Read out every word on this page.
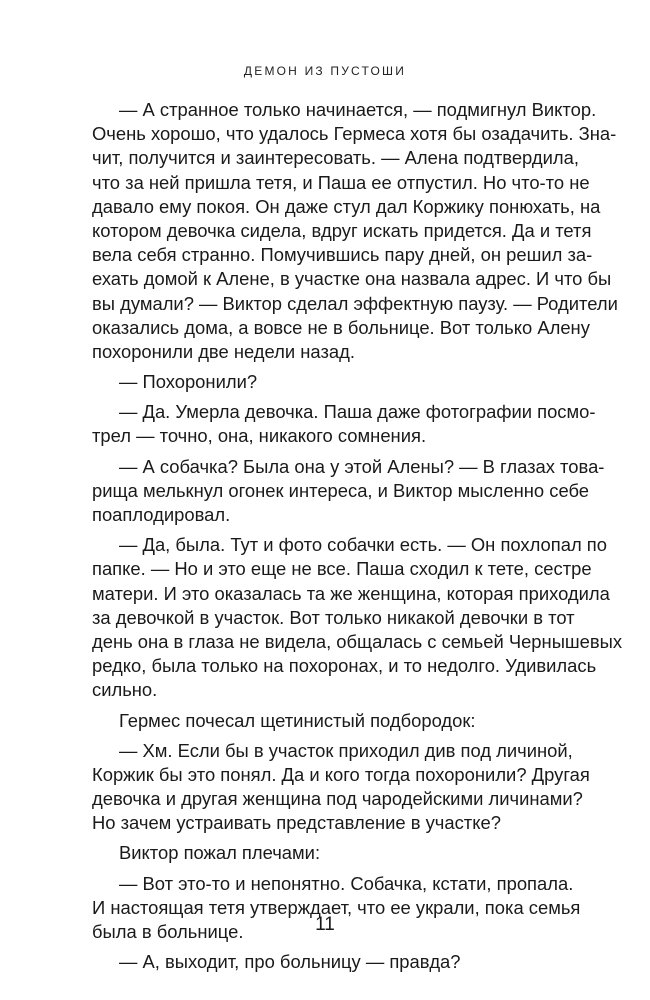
ДЕМОН ИЗ ПУСТОШИ
— А странное только начинается, — подмигнул Виктор.
Очень хорошо, что удалось Гермеса хотя бы озадачить. Зна-
чит, получится и заинтересовать. — Алена подтвердила,
что за ней пришла тетя, и Паша ее отпустил. Но что-то не
давало ему покоя. Он даже стул дал Коржику понюхать, на
котором девочка сидела, вдруг искать придется. Да и тетя
вела себя странно. Помучившись пару дней, он решил за-
ехать домой к Алене, в участке она назвала адрес. И что бы
вы думали? — Виктор сделал эффектную паузу. — Родители
оказались дома, а вовсе не в больнице. Вот только Алену
похоронили две недели назад.
— Похоронили?
— Да. Умерла девочка. Паша даже фотографии посмо-
трел — точно, она, никакого сомнения.
— А собачка? Была она у этой Алены? — В глазах това-
рища мелькнул огонек интереса, и Виктор мысленно себе
поаплодировал.
— Да, была. Тут и фото собачки есть. — Он похлопал по
папке. — Но и это еще не все. Паша сходил к тете, сестре
матери. И это оказалась та же женщина, которая приходила
за девочкой в участок. Вот только никакой девочки в тот
день она в глаза не видела, общалась с семьей Чернышевых
редко, была только на похоронах, и то недолго. Удивилась
сильно.
Гермес почесал щетинистый подбородок:
— Хм. Если бы в участок приходил див под личиной,
Коржик бы это понял. Да и кого тогда похоронили? Другая
девочка и другая женщина под чародейскими личинами?
Но зачем устраивать представление в участке?
Виктор пожал плечами:
— Вот это-то и непонятно. Собачка, кстати, пропала.
И настоящая тетя утверждает, что ее украли, пока семья
была в больнице.
— А, выходит, про больницу — правда?
11
